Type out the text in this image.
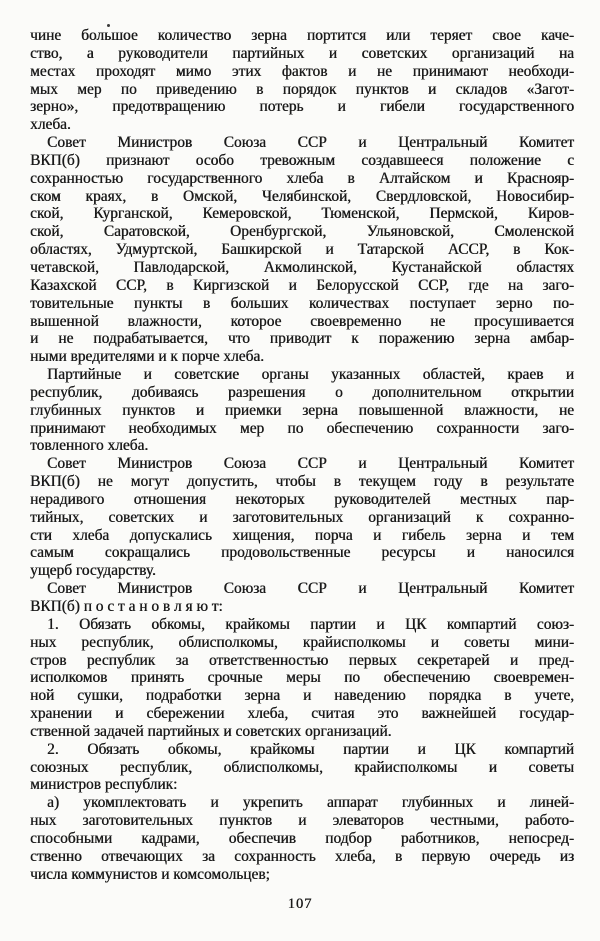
чине большое количество зерна портится или теряет свое каче-
ство, а руководители партийных и советских организаций на
местах проходят мимо этих фактов и не принимают необходи-
мых мер по приведению в порядок пунктов и складов «Загот-
зерно», предотвращению потерь и гибели государственного
хлеба.
Совет Министров Союза ССР и Центральный Комитет
ВКП(б) признают особо тревожным создавшееся положение с
сохранностью государственного хлеба в Алтайском и Краснояр-
ском краях, в Омской, Челябинской, Свердловской, Новосибир-
ской, Курганской, Кемеровской, Тюменской, Пермской, Киров-
ской, Саратовской, Оренбургской, Ульяновской, Смоленской
областях, Удмуртской, Башкирской и Татарской АССР, в Кок-
четавской, Павлодарской, Акмолинской, Кустанайской областях
Казахской ССР, в Киргизской и Белорусской ССР, где на заго-
товительные пункты в больших количествах поступает зерно по-
вышенной влажности, которое своевременно не просушивается
и не подрабатывается, что приводит к поражению зерна амбар-
ными вредителями и к порче хлеба.
Партийные и советские органы указанных областей, краев и
республик, добиваясь разрешения о дополнительном открытии
глубинных пунктов и приемки зерна повышенной влажности, не
принимают необходимых мер по обеспечению сохранности заго-
товленного хлеба.
Совет Министров Союза ССР и Центральный Комитет
ВКП(б) не могут допустить, чтобы в текущем году в результате
нерадивого отношения некоторых руководителей местных пар-
тийных, советских и заготовительных организаций к сохранно-
сти хлеба допускались хищения, порча и гибель зерна и тем
самым сокращались продовольственные ресурсы и наносился
ущерб государству.
Совет Министров Союза ССР и Центральный Комитет
ВКП(б) п о с т а н о в л я ю т:
1. Обязать обкомы, крайкомы партии и ЦК компартий союз-
ных республик, облисполкомы, крайисполкомы и советы мини-
стров республик за ответственностью первых секретарей и пред-
исполкомов принять срочные меры по обеспечению своевремен-
ной сушки, подработки зерна и наведению порядка в учете,
хранении и сбережении хлеба, считая это важнейшей государ-
ственной задачей партийных и советских организаций.
2. Обязать обкомы, крайкомы партии и ЦК компартий
союзных республик, облисполкомы, крайисполкомы и советы
министров республик:
а) укомплектовать и укрепить аппарат глубинных и линей-
ных заготовительных пунктов и элеваторов честными, работо-
способными кадрами, обеспечив подбор работников, непосред-
ственно отвечающих за сохранность хлеба, в первую очередь из
числа коммунистов и комсомольцев;
107
